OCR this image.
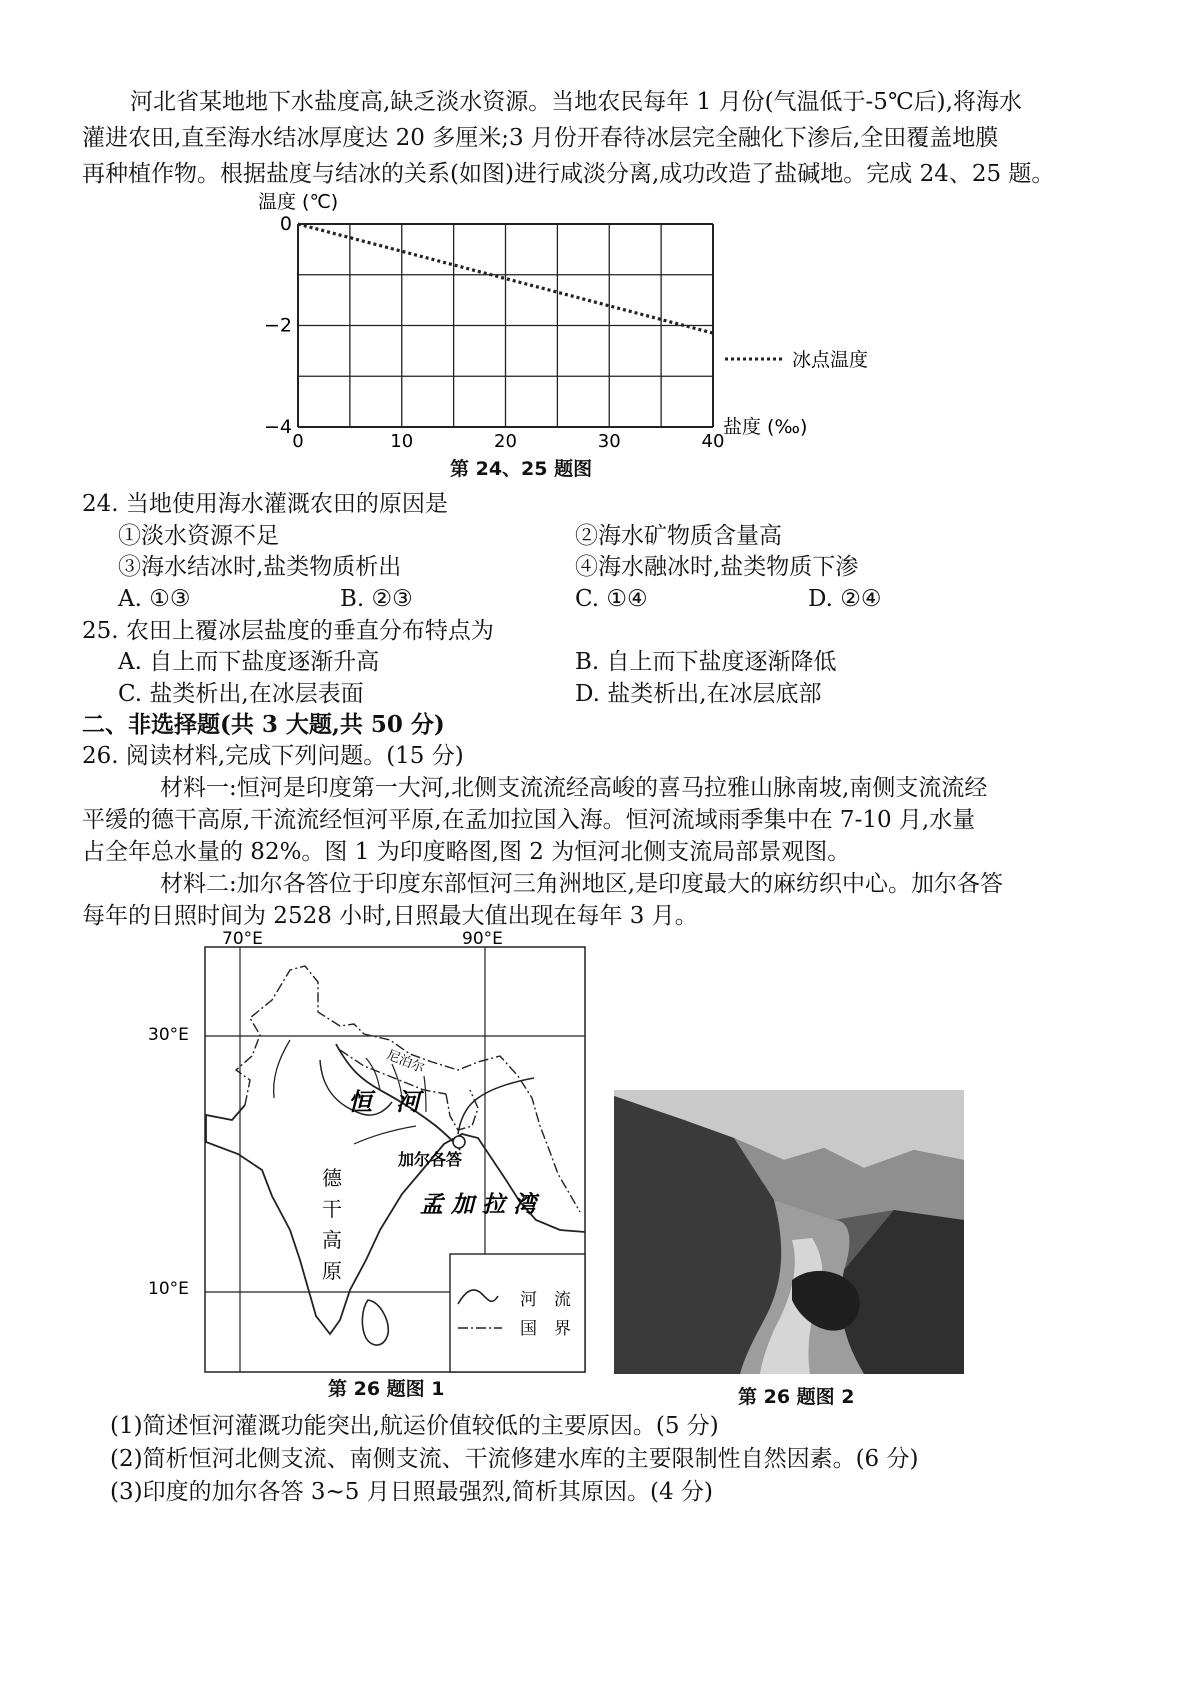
河北省某地地下水盐度高,缺乏淡水资源。当地农民每年 1 月份(气温低于-5℃后),将海水
灌进农田,直至海水结冰厚度达 20 多厘米;3 月份开春待冰层完全融化下渗后,全田覆盖地膜
再种植作物。根据盐度与结冰的关系(如图)进行咸淡分离,成功改造了盐碱地。完成 24、25 题。
温度 (℃)
0	10	20	30	40
0
−2
−4	盐度 (‰)
冰点温度
第 24、25 题图
24. 当地使用海水灌溉农田的原因是
①淡水资源不足	②海水矿物质含量高
③海水结冰时,盐类物质析出	④海水融冰时,盐类物质下渗
A. ①③	B. ②③	C. ①④	D. ②④
25. 农田上覆冰层盐度的垂直分布特点为
A. 自上而下盐度逐渐升高	B. 自上而下盐度逐渐降低
C. 盐类析出,在冰层表面	D. 盐类析出,在冰层底部
二、非选择题(共 3 大题,共 50 分)
26. 阅读材料,完成下列问题。(15 分)
材料一:恒河是印度第一大河,北侧支流流经高峻的喜马拉雅山脉南坡,南侧支流流经
平缓的德干高原,干流流经恒河平原,在孟加拉国入海。恒河流域雨季集中在 7-10 月,水量
占全年总水量的 82%。图 1 为印度略图,图 2 为恒河北侧支流局部景观图。
材料二:加尔各答位于印度东部恒河三角洲地区,是印度最大的麻纺织中心。加尔各答
每年的日照时间为 2528 小时,日照最大值出现在每年 3 月。
70°E	90°E
30°E
10°E
恒　河
尼泊尔
加尔各答
德
干
高
原
孟 加 拉 湾
河　流
国　界
第 26 题图 1	第 26 题图 2
(1)简述恒河灌溉功能突出,航运价值较低的主要原因。(5 分)
(2)简析恒河北侧支流、南侧支流、干流修建水库的主要限制性自然因素。(6 分)
(3)印度的加尔各答 3~5 月日照最强烈,简析其原因。(4 分)
